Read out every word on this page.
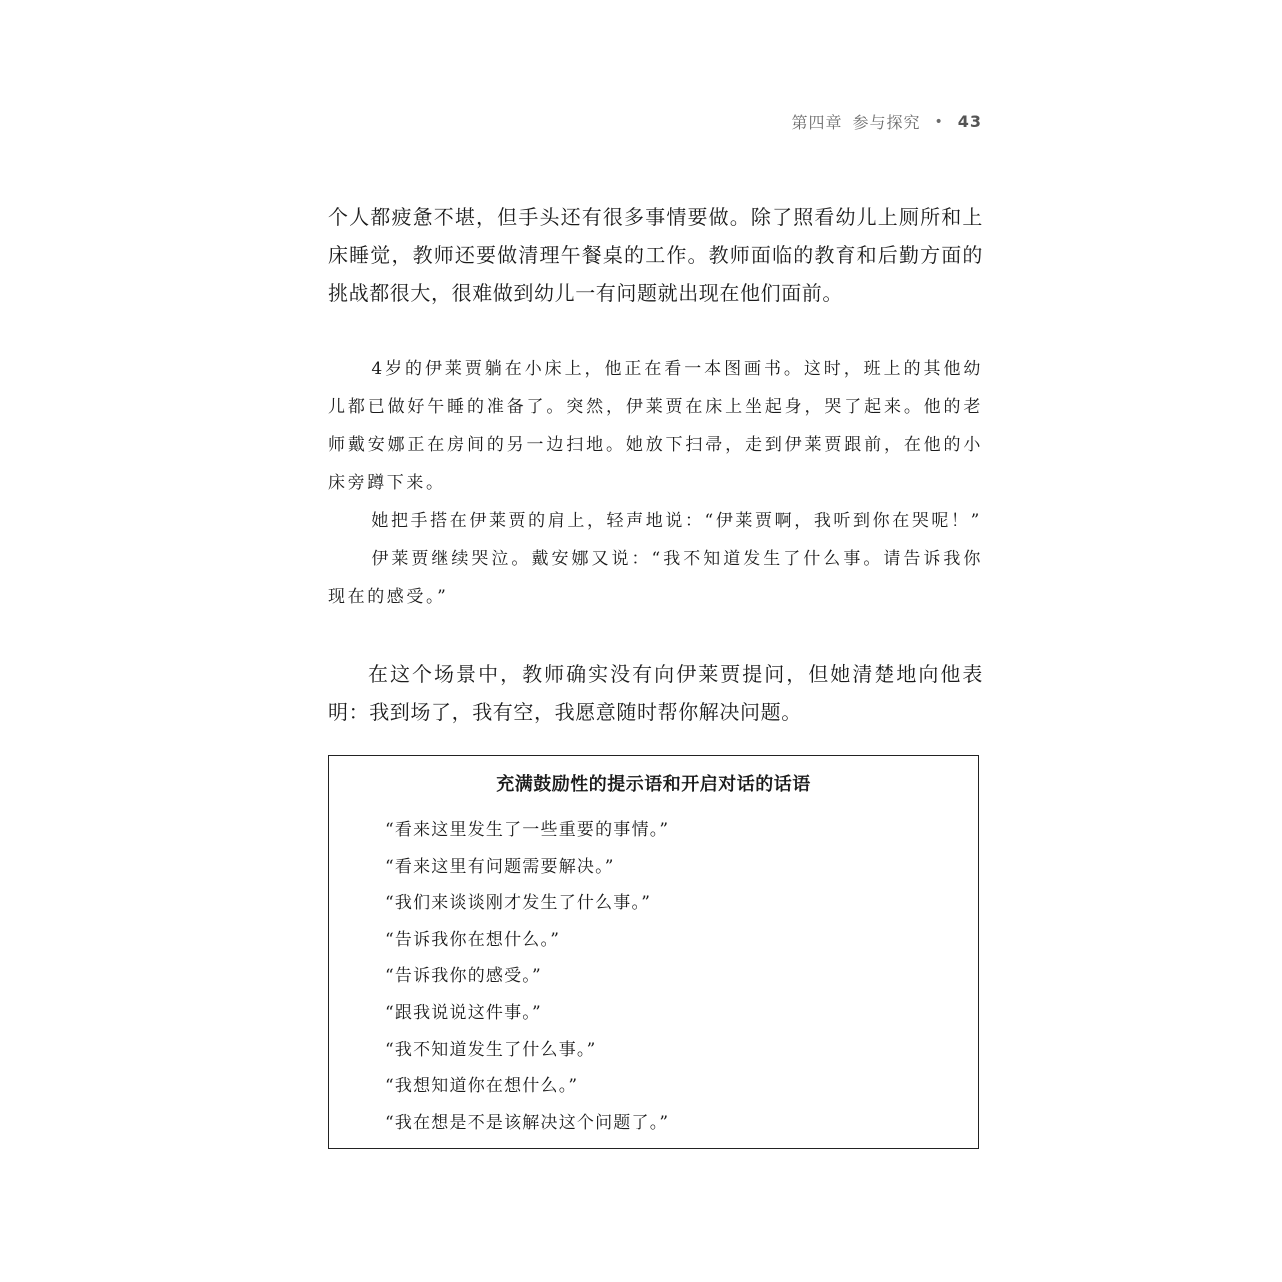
第四章 参与探究 • 43

个人都疲惫不堪，但手头还有很多事情要做。除了照看幼儿上厕所和上床睡觉，教师还要做清理午餐桌的工作。教师面临的教育和后勤方面的挑战都很大，很难做到幼儿一有问题就出现在他们面前。

4岁的伊莱贾躺在小床上，他正在看一本图画书。这时，班上的其他幼儿都已做好午睡的准备了。突然，伊莱贾在床上坐起身，哭了起来。他的老师戴安娜正在房间的另一边扫地。她放下扫帚，走到伊莱贾跟前，在他的小床旁蹲下来。

她把手搭在伊莱贾的肩上，轻声地说：“伊莱贾啊，我听到你在哭呢！”

伊莱贾继续哭泣。戴安娜又说：“我不知道发生了什么事。请告诉我你现在的感受。”

在这个场景中，教师确实没有向伊莱贾提问，但她清楚地向他表明：我到场了，我有空，我愿意随时帮你解决问题。

充满鼓励性的提示语和开启对话的话语
“看来这里发生了一些重要的事情。”
“看来这里有问题需要解决。”
“我们来谈谈刚才发生了什么事。”
“告诉我你在想什么。”
“告诉我你的感受。”
“跟我说说这件事。”
“我不知道发生了什么事。”
“我想知道你在想什么。”
“我在想是不是该解决这个问题了。”
